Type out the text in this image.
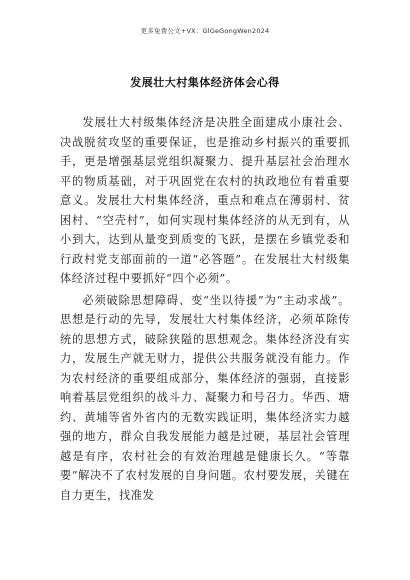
更多免费公文+VX：GlGeGongWen2024
发展壮大村集体经济体会心得

发展壮大村级集体经济是决胜全面建成小康社会、决战脱贫攻坚的重要保证，也是推动乡村振兴的重要抓手，更是增强基层党组织凝聚力、提升基层社会治理水平的物质基础，对于巩固党在农村的执政地位有着重要意义。发展壮大村集体经济，重点和难点在薄弱村、贫困村、“空壳村”，如何实现村集体经济的从无到有，从小到大，达到从量变到质变的飞跃，是摆在乡镇党委和行政村党支部面前的一道“必答题”。在发展壮大村级集体经济过程中要抓好“四个必须”。

必须破除思想障碍、变“坐以待援”为“主动求战”。思想是行动的先导，发展壮大村集体经济，必须革除传统的思想方式，破除狭隘的思想观念。集体经济没有实力，发展生产就无财力，提供公共服务就没有能力。作为农村经济的重要组成部分，集体经济的强弱，直接影响着基层党组织的战斗力、凝聚力和号召力。华西、塘约、黄埔等省外省内的无数实践证明，集体经济实力越强的地方，群众自我发展能力越是过硬，基层社会管理越是有序，农村社会的有效治理越是健康长久。“等靠要”解决不了农村发展的自身问题。农村要发展，关键在自力更生，找准发
